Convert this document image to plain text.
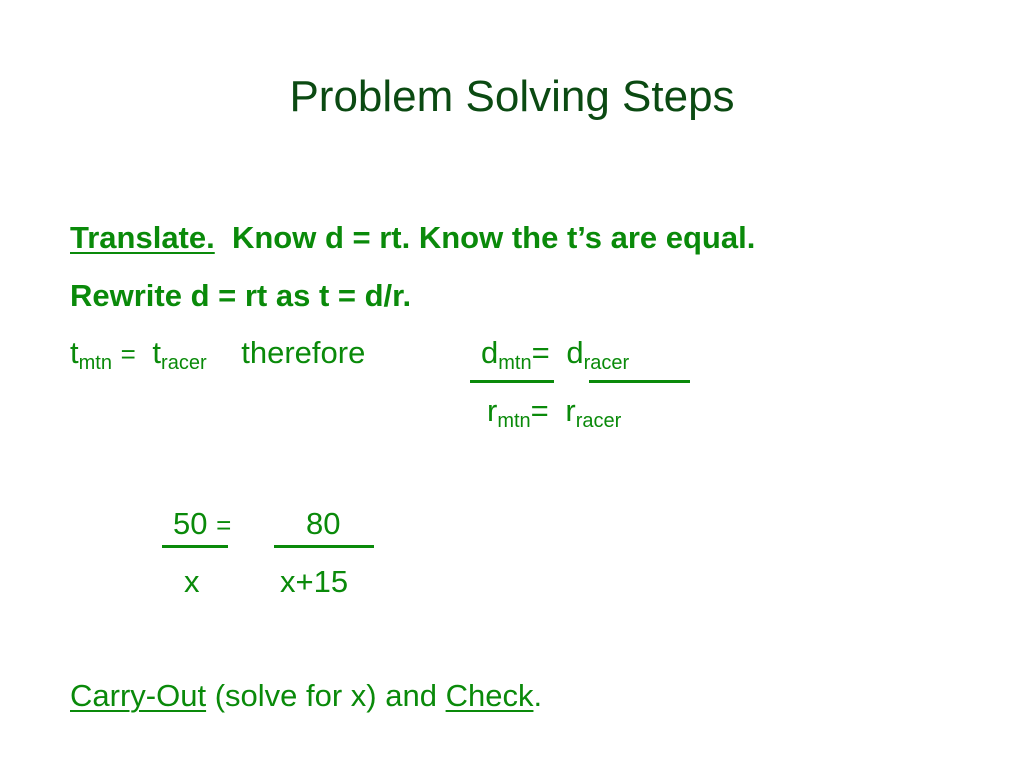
Problem Solving Steps
Translate. Know d = rt. Know the t’s are equal.
Rewrite d = rt as t = d/r.
$t_{mtn} = t_{racer}$ therefore	$d_{mtn}= d_{racer}$
$r_{mtn}= r_{racer}$
50 = 80
x	x+15
Carry-Out (solve for x) and Check.
